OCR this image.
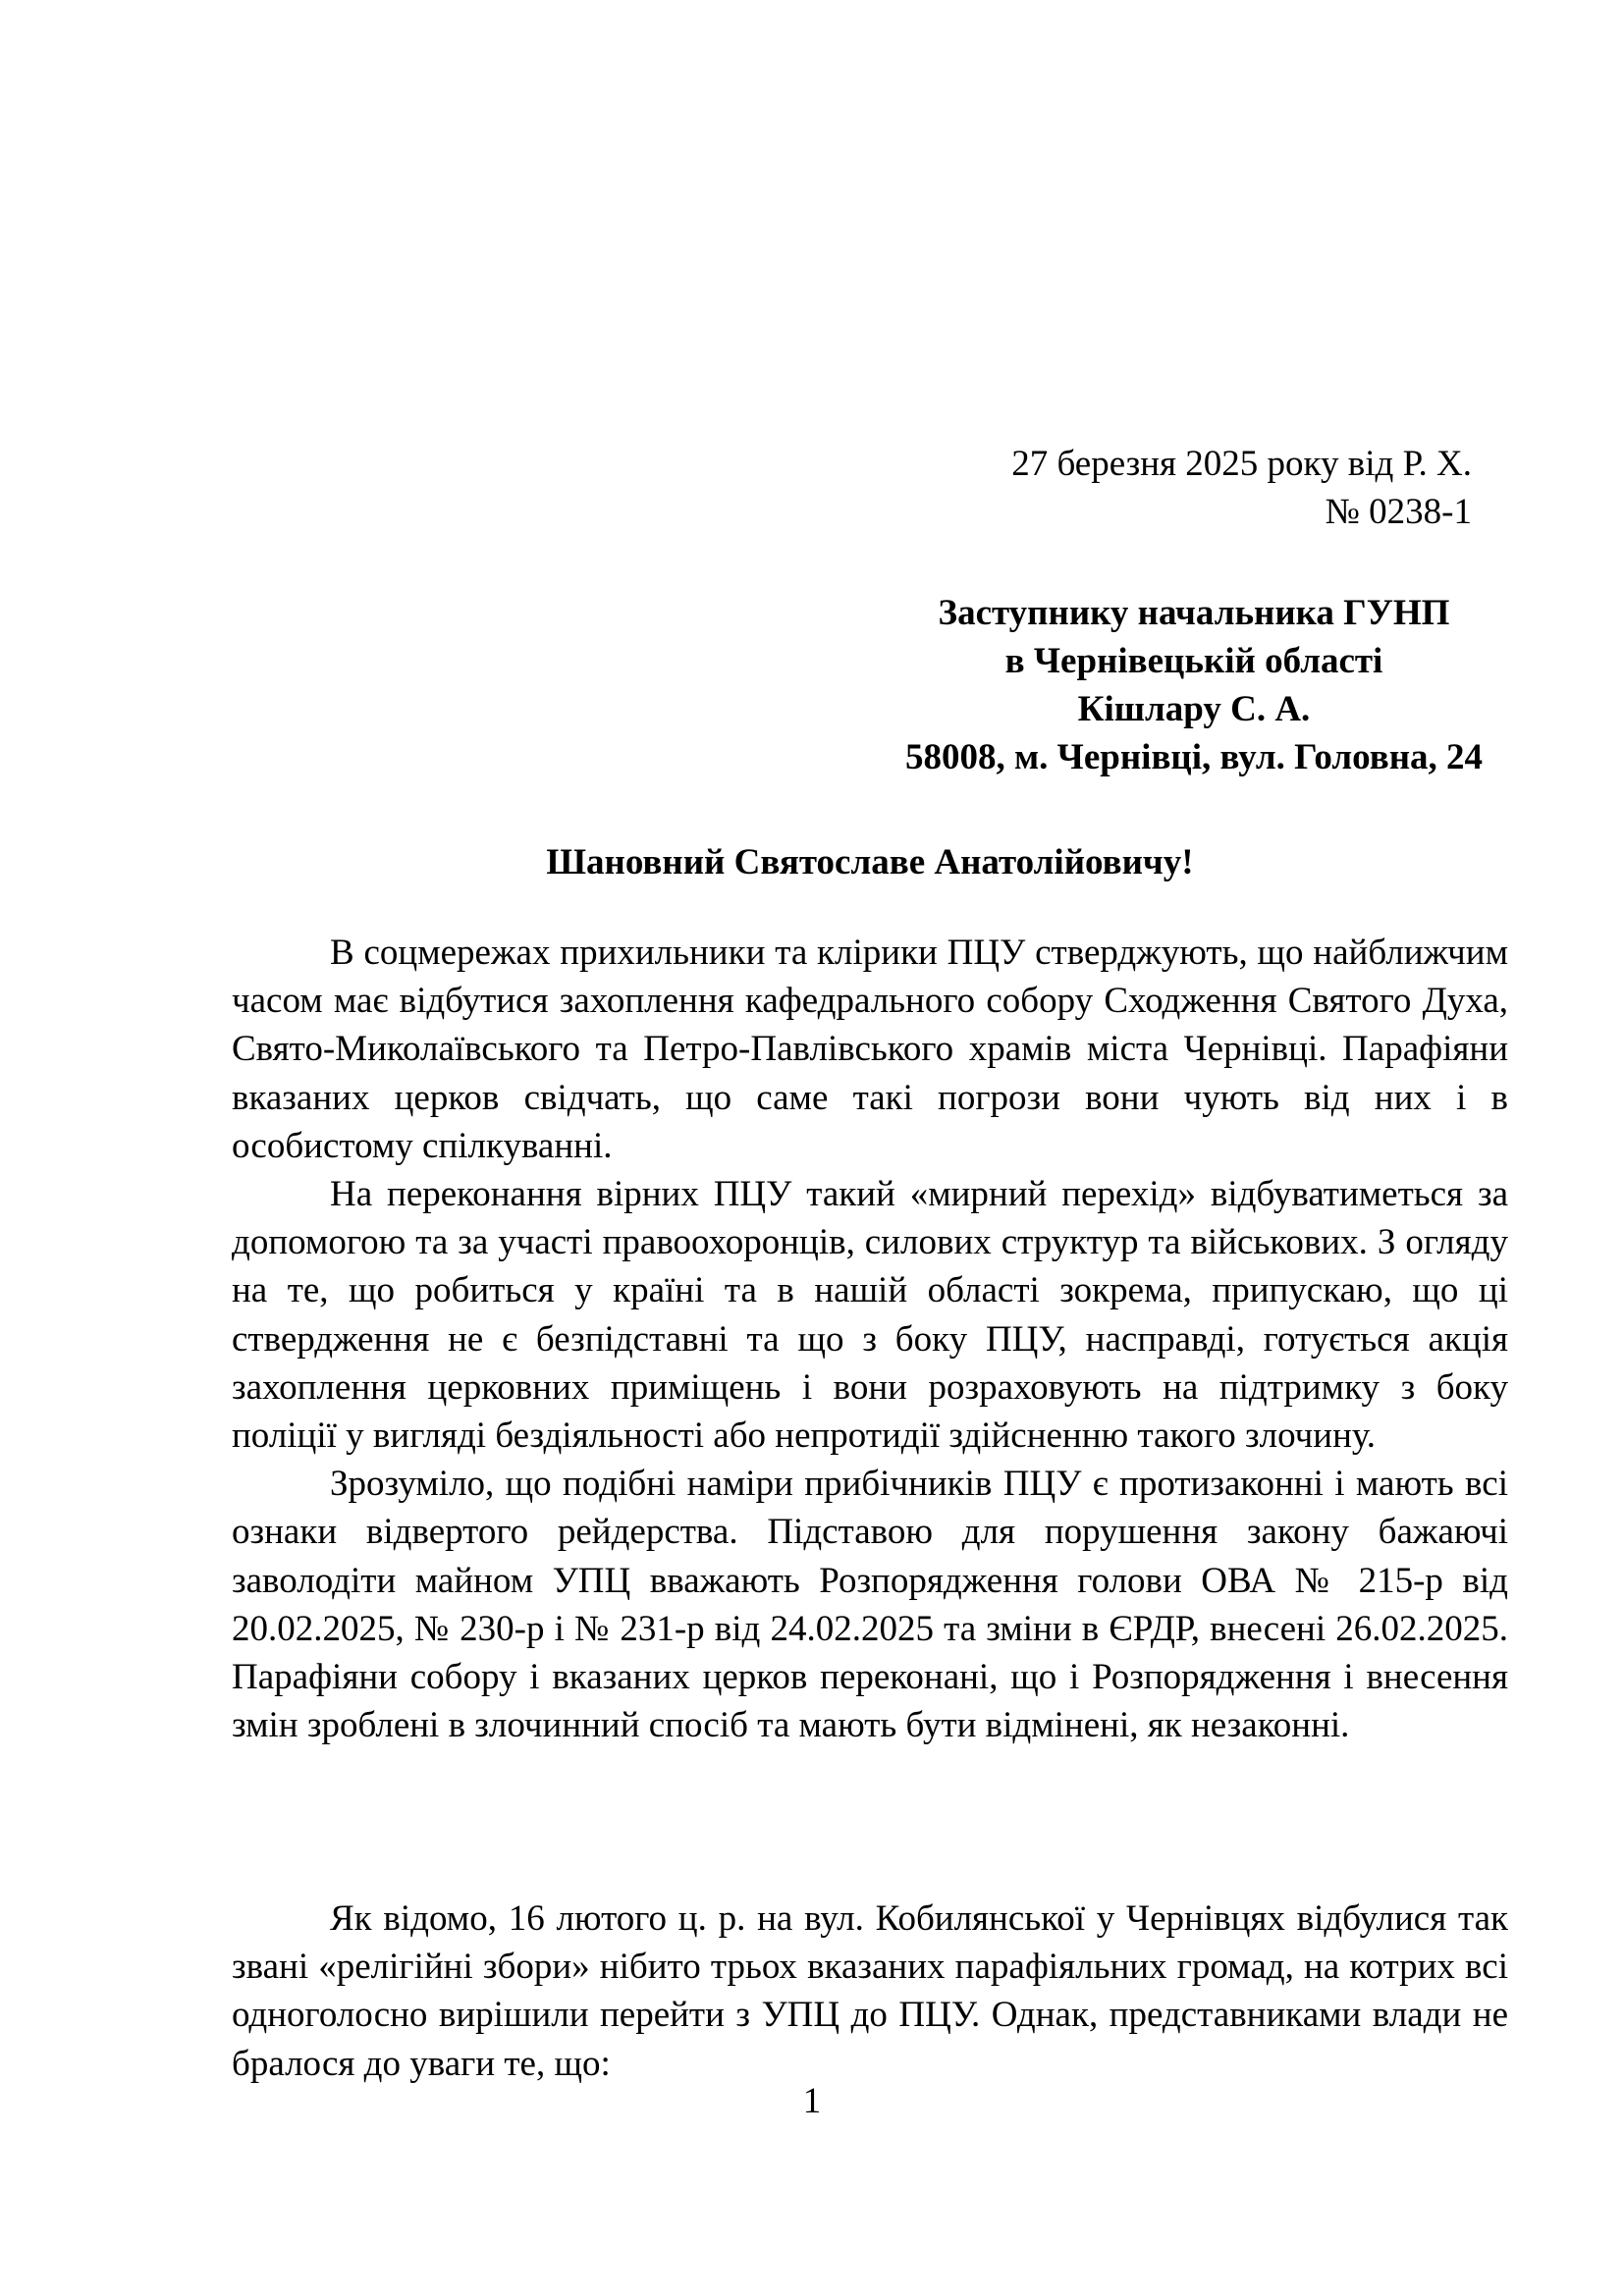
27 березня 2025 року від Р. Х.
№ 0238-1
Заступнику начальника ГУНП
в Чернівецькій області
Кішлару С. А.
58008, м. Чернівці, вул. Головна, 24
Шановний Святославе Анатолійовичу!

В соцмережах прихильники та клірики ПЦУ стверджують, що найближчим часом має відбутися захоплення кафедрального собору Сходження Святого Духа, Свято-Миколаївського та Петро-Павлівського храмів міста Чернівці. Парафіяни вказаних церков свідчать, що саме такі погрози вони чують від них і в особистому спілкуванні.

На переконання вірних ПЦУ такий «мирний перехід» відбуватиметься за допомогою та за участі правоохоронців, силових структур та військових. З огляду на те, що робиться у країні та в нашій області зокрема, припускаю, що ці ствердження не є безпідставні та що з боку ПЦУ, насправді, готується акція захоплення церковних приміщень і вони розраховують на підтримку з боку поліції у вигляді бездіяльності або непротидії здійсненню такого злочину.

Зрозуміло, що подібні наміри прибічників ПЦУ є протизаконні і мають всі ознаки відвертого рейдерства. Підставою для порушення закону бажаючі заволодіти майном УПЦ вважають Розпорядження голови ОВА № 215-р від 20.02.2025, № 230-р і № 231-р від 24.02.2025 та зміни в ЄРДР, внесені 26.02.2025. Парафіяни собору і вказаних церков переконані, що і Розпорядження і внесення змін зроблені в злочинний спосіб та мають бути відмінені, як незаконні.

Як відомо, 16 лютого ц. р. на вул. Кобилянської у Чернівцях відбулися так звані «релігійні збори» нібито трьох вказаних парафіяльних громад, на котрих всі одноголосно вирішили перейти з УПЦ до ПЦУ. Однак, представниками влади не бралося до уваги те, що:

1
